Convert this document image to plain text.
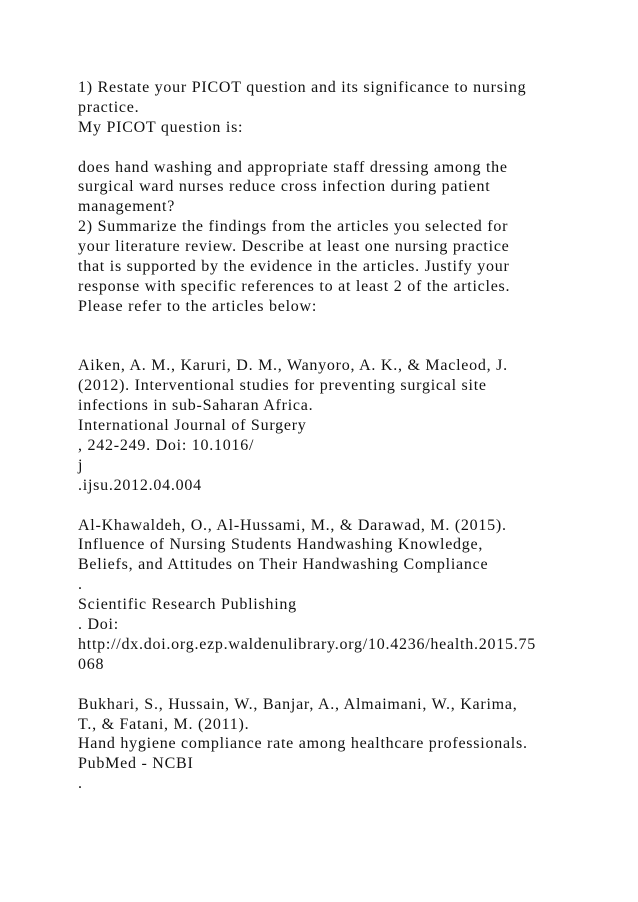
1) Restate your PICOT question and its significance to nursing
practice.
My PICOT question is:
does hand washing and appropriate staff dressing among the
surgical ward nurses reduce cross infection during patient
management?
2) Summarize the findings from the articles you selected for
your literature review. Describe at least one nursing practice
that is supported by the evidence in the articles. Justify your
response with specific references to at least 2 of the articles.
Please refer to the articles below:
Aiken, A. M., Karuri, D. M., Wanyoro, A. K., & Macleod, J.
(2012). Interventional studies for preventing surgical site
infections in sub-Saharan Africa.
International Journal of Surgery
, 242-249. Doi: 10.1016/
j
.ijsu.2012.04.004
Al-Khawaldeh, O., Al-Hussami, M., & Darawad, M. (2015).
Influence of Nursing Students Handwashing Knowledge,
Beliefs, and Attitudes on Their Handwashing Compliance
.
Scientific Research Publishing
. Doi:
http://dx.doi.org.ezp.waldenulibrary.org/10.4236/health.2015.75
068
Bukhari, S., Hussain, W., Banjar, A., Almaimani, W., Karima,
T., & Fatani, M. (2011).
Hand hygiene compliance rate among healthcare professionals.
PubMed - NCBI
.
